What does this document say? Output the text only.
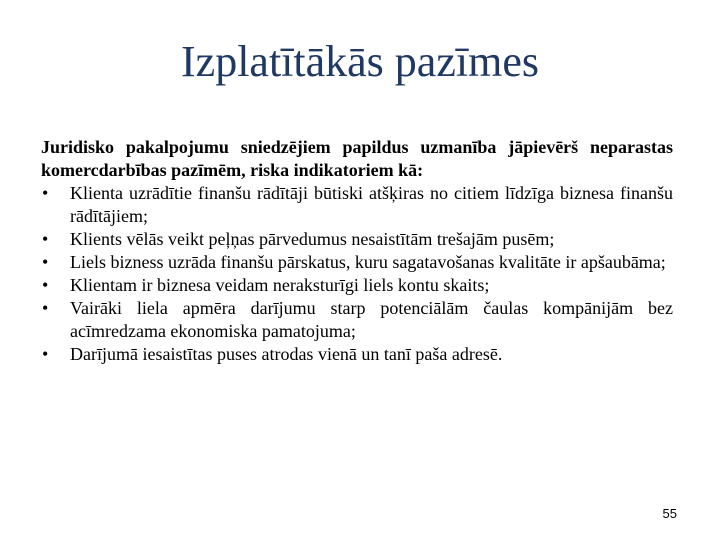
Izplatītākās pazīmes

Juridisko pakalpojumu sniedzējiem papildus uzmanība jāpievērš neparastas komercdarbības pazīmēm, riska indikatoriem kā:

• Klienta uzrādītie finanšu rādītāji būtiski atšķiras no citiem līdzīga biznesa finanšu rādītājiem;
• Klients vēlās veikt peļņas pārvedumus nesaistītām trešajām pusēm;
• Liels bizness uzrāda finanšu pārskatus, kuru sagatavošanas kvalitāte ir apšaubāma;
• Klientam ir biznesa veidam neraksturīgi liels kontu skaits;
• Vairāki liela apmēra darījumu starp potenciālām čaulas kompānijām bez acīmredzama ekonomiska pamatojuma;
• Darījumā iesaistītas puses atrodas vienā un tanī paša adresē.
55
